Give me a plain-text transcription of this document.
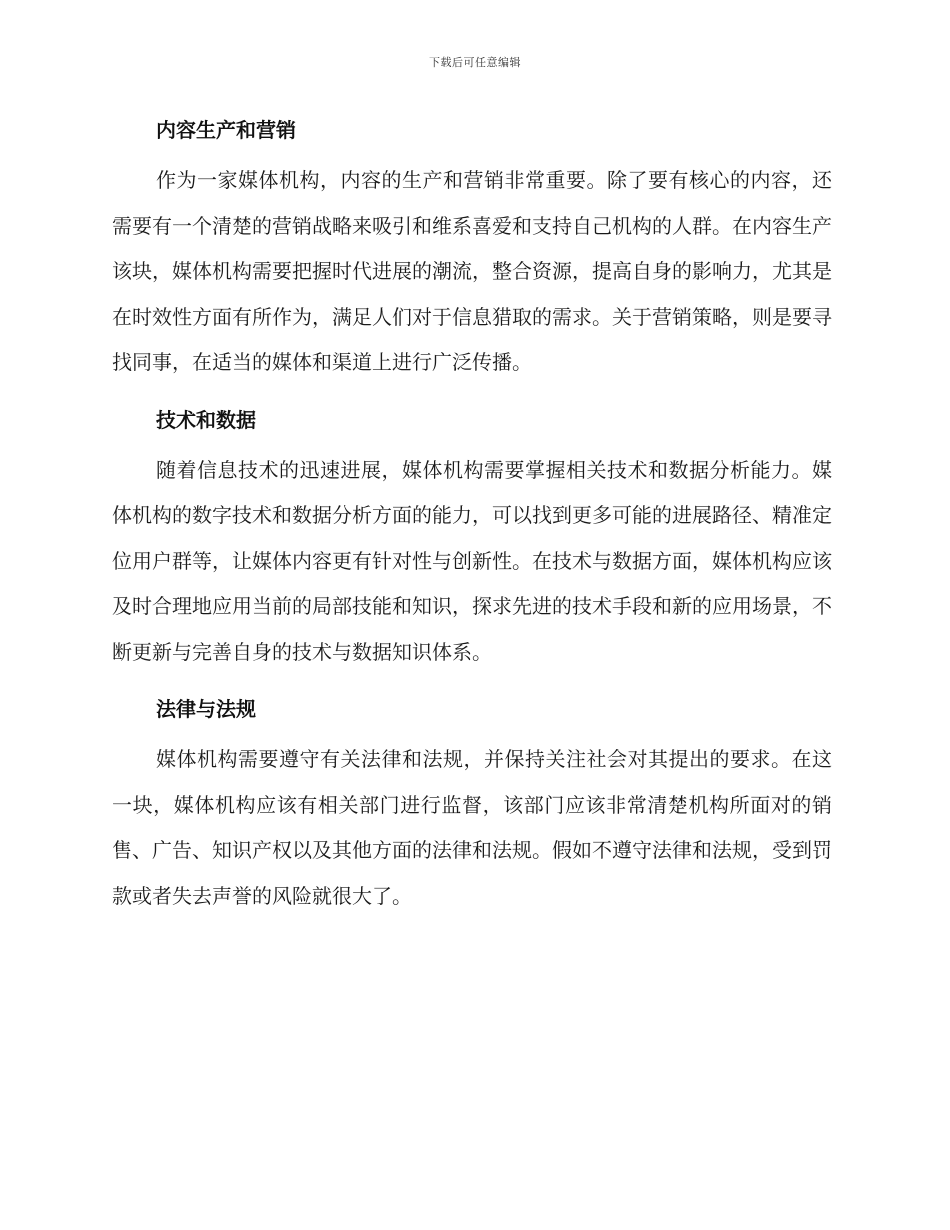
下载后可任意编辑
内容生产和营销

作为一家媒体机构，内容的生产和营销非常重要。除了要有核心的内容，还需要有一个清楚的营销战略来吸引和维系喜爱和支持自己机构的人群。在内容生产该块，媒体机构需要把握时代进展的潮流，整合资源，提高自身的影响力，尤其是在时效性方面有所作为，满足人们对于信息猎取的需求。关于营销策略，则是要寻找同事，在适当的媒体和渠道上进行广泛传播。

技术和数据

随着信息技术的迅速进展，媒体机构需要掌握相关技术和数据分析能力。媒体机构的数字技术和数据分析方面的能力，可以找到更多可能的进展路径、精准定位用户群等，让媒体内容更有针对性与创新性。在技术与数据方面，媒体机构应该及时合理地应用当前的局部技能和知识，探求先进的技术手段和新的应用场景，不断更新与完善自身的技术与数据知识体系。

法律与法规

媒体机构需要遵守有关法律和法规，并保持关注社会对其提出的要求。在这一块，媒体机构应该有相关部门进行监督，该部门应该非常清楚机构所面对的销售、广告、知识产权以及其他方面的法律和法规。假如不遵守法律和法规，受到罚款或者失去声誉的风险就很大了。
